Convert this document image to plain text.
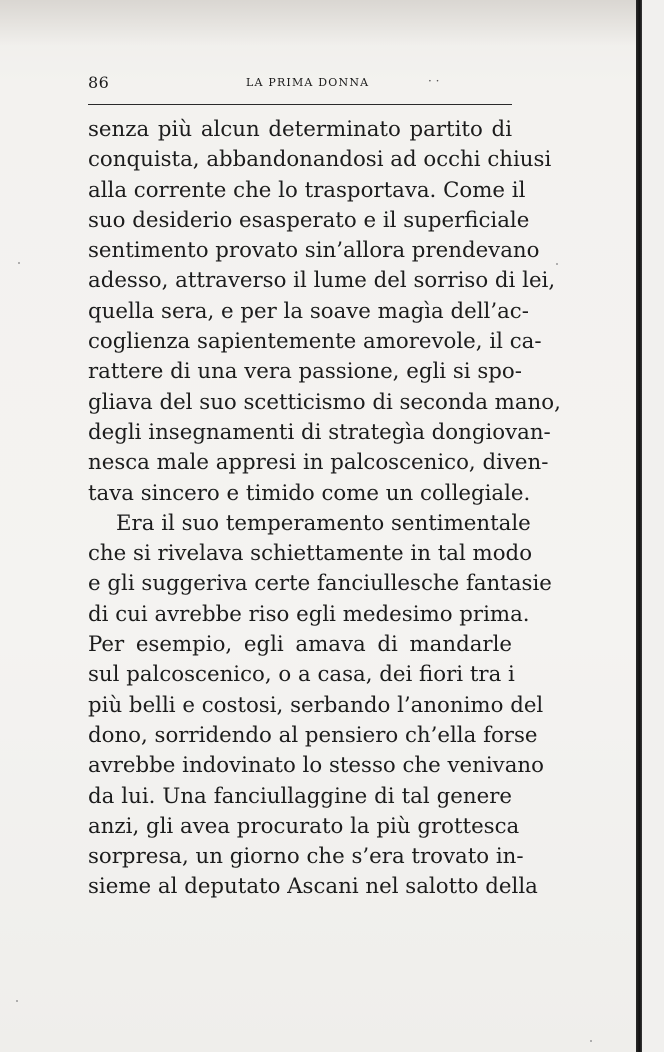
86	LA PRIMA DONNA	· ·
senza più alcun determinato partito di
conquista, abbandonandosi ad occhi chiusi
alla corrente che lo trasportava. Come il
suo desiderio esasperato e il superficiale
sentimento provato sin’allora prendevano
adesso, attraverso il lume del sorriso di lei,
quella sera, e per la soave magìa dell’ac-
coglienza sapientemente amorevole, il ca-
rattere di una vera passione, egli si spo-
gliava del suo scetticismo di seconda mano,
degli insegnamenti di strategìa dongiovan-
nesca male appresi in palcoscenico, diven-
tava sincero e timido come un collegiale.
Era il suo temperamento sentimentale
che si rivelava schiettamente in tal modo
e gli suggeriva certe fanciullesche fantasie
di cui avrebbe riso egli medesimo prima.
Per esempio, egli amava di mandarle
sul palcoscenico, o a casa, dei fiori tra i
più belli e costosi, serbando l’anonimo del
dono, sorridendo al pensiero ch’ella forse
avrebbe indovinato lo stesso che venivano
da lui. Una fanciullaggine di tal genere
anzi, gli avea procurato la più grottesca
sorpresa, un giorno che s’era trovato in-
sieme al deputato Ascani nel salotto della
